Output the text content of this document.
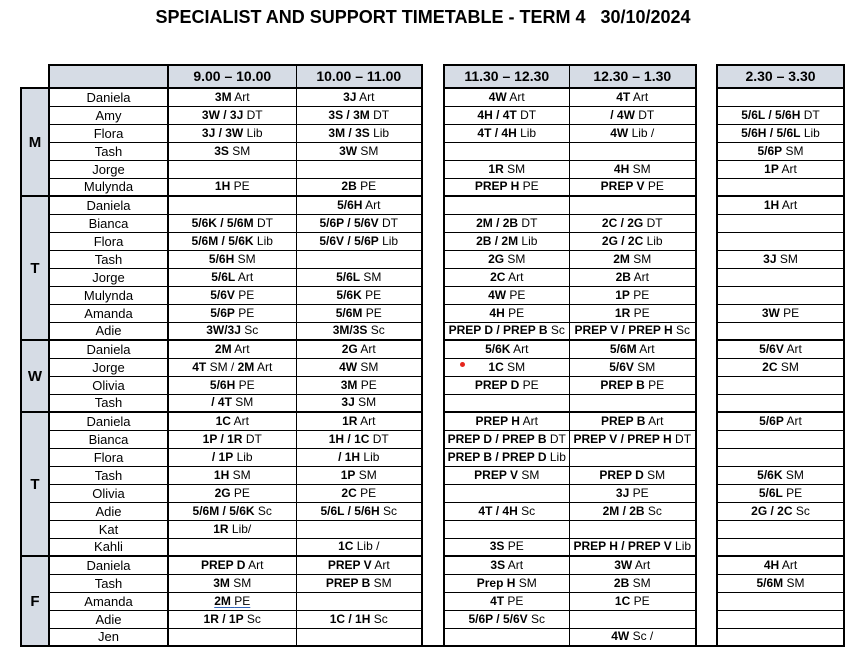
SPECIALIST AND SUPPORT TIMETABLE - TERM 4   30/10/2024
		9.00 – 10.00	10.00 – 11.00		11.30 – 12.30	12.30 – 1.30		2.30 – 3.30
M	Daniela	3M Art	3J Art		4W Art	4T Art		
	Amy	3W / 3J DT	3S / 3M DT		4H / 4T DT	/ 4W DT		5/6L / 5/6H DT
	Flora	3J / 3W Lib	3M / 3S Lib		4T / 4H Lib	4W Lib /		5/6H / 5/6L Lib
	Tash	3S SM	3W SM					5/6P SM
	Jorge				1R SM	4H SM		1P Art
	Mulynda	1H PE	2B PE		PREP H PE	PREP V PE		
T	Daniela		5/6H Art					1H Art
	Bianca	5/6K / 5/6M DT	5/6P / 5/6V DT		2M / 2B DT	2C / 2G DT		
	Flora	5/6M / 5/6K Lib	5/6V / 5/6P Lib		2B / 2M Lib	2G / 2C Lib		
	Tash	5/6H SM			2G SM	2M SM		3J SM
	Jorge	5/6L Art	5/6L SM		2C Art	2B Art		
	Mulynda	5/6V PE	5/6K PE		4W PE	1P PE		
	Amanda	5/6P PE	5/6M PE		4H PE	1R PE		3W PE
	Adie	3W/3J Sc	3M/3S Sc		PREP D / PREP B Sc	PREP V / PREP H Sc		
W	Daniela	2M Art	2G Art		5/6K Art	5/6M Art		5/6V Art
	Jorge	4T SM / 2M Art	4W SM		1C SM	5/6V SM		2C SM
	Olivia	5/6H PE	3M PE		PREP D PE	PREP B PE		
	Tash	/ 4T SM	3J SM					
T	Daniela	1C Art	1R Art		PREP H Art	PREP B Art		5/6P Art
	Bianca	1P / 1R DT	1H / 1C DT		PREP D / PREP B DT	PREP V / PREP H DT		
	Flora	/ 1P Lib	/ 1H Lib		PREP B / PREP D Lib			
	Tash	1H SM	1P SM		PREP V SM	PREP D SM		5/6K SM
	Olivia	2G PE	2C PE			3J PE		5/6L PE
	Adie	5/6M / 5/6K Sc	5/6L / 5/6H Sc		4T / 4H Sc	2M / 2B Sc		2G / 2C Sc
	Kat	1R Lib/						
	Kahli		1C Lib /		3S PE	PREP H / PREP V Lib		
F	Daniela	PREP D Art	PREP V Art		3S Art	3W Art		4H Art
	Tash	3M SM	PREP B SM		Prep H SM	2B SM		5/6M SM
	Amanda	2M PE			4T PE	1C PE		
	Adie	1R / 1P Sc	1C / 1H Sc		5/6P / 5/6V Sc			
	Jen					4W Sc /		
